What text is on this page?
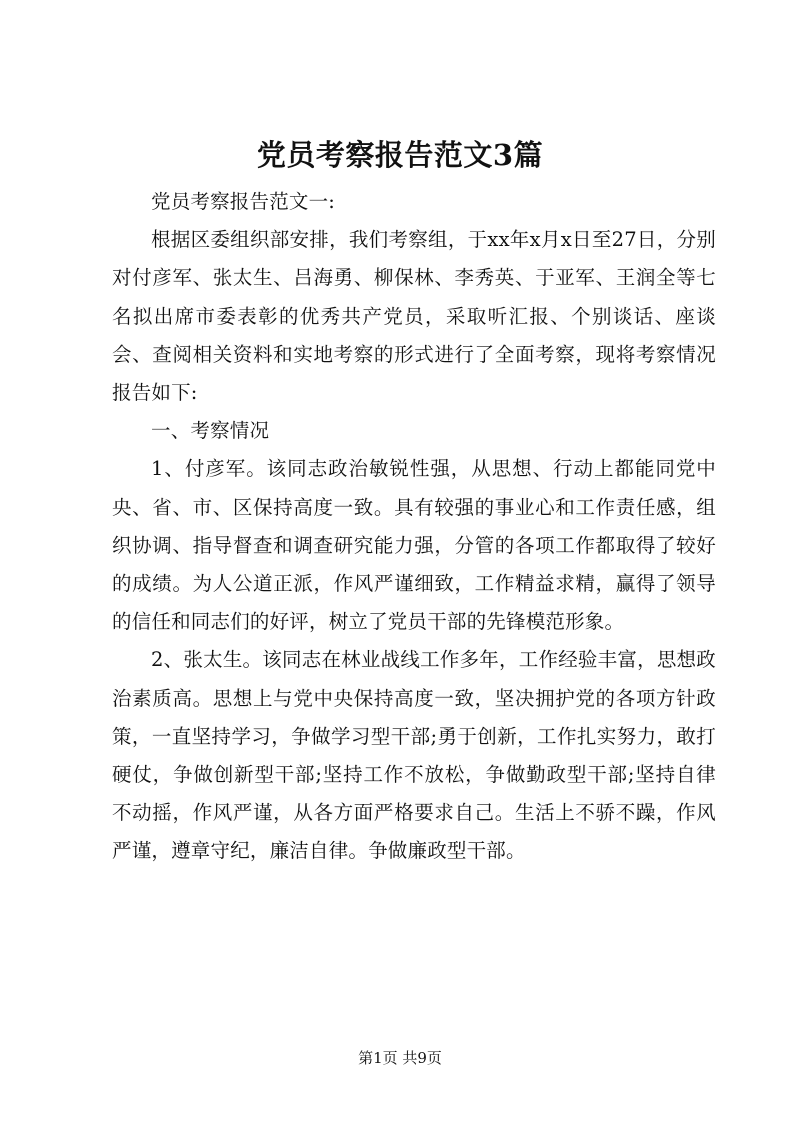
党员考察报告范文3篇

党员考察报告范文一:

根据区委组织部安排，我们考察组，于xx年x月x日至27日，分别对付彦军、张太生、吕海勇、柳保林、李秀英、于亚军、王润全等七名拟出席市委表彰的优秀共产党员，采取听汇报、个别谈话、座谈会、查阅相关资料和实地考察的形式进行了全面考察，现将考察情况报告如下:

一、考察情况

1、付彦军。该同志政治敏锐性强，从思想、行动上都能同党中央、省、市、区保持高度一致。具有较强的事业心和工作责任感，组织协调、指导督查和调查研究能力强，分管的各项工作都取得了较好的成绩。为人公道正派，作风严谨细致，工作精益求精，赢得了领导的信任和同志们的好评，树立了党员干部的先锋模范形象。

2、张太生。该同志在林业战线工作多年，工作经验丰富，思想政治素质高。思想上与党中央保持高度一致，坚决拥护党的各项方针政策，一直坚持学习，争做学习型干部;勇于创新，工作扎实努力，敢打硬仗，争做创新型干部;坚持工作不放松，争做勤政型干部;坚持自律不动摇，作风严谨，从各方面严格要求自己。生活上不骄不躁，作风严谨，遵章守纪，廉洁自律。争做廉政型干部。

第1页 共9页
